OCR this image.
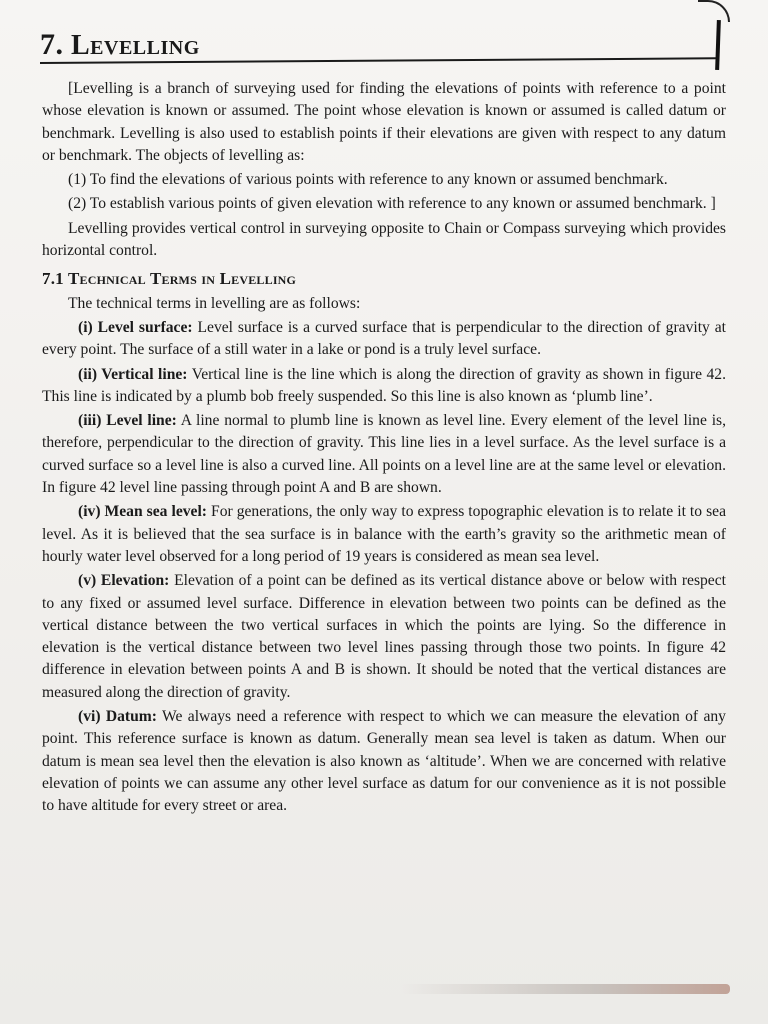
7. Levelling

[Levelling is a branch of surveying used for finding the elevations of points with reference to a point whose elevation is known or assumed. The point whose elevation is known or assumed is called datum or benchmark. Levelling is also used to establish points if their elevations are given with respect to any datum or benchmark. The objects of levelling as:

(1) To find the elevations of various points with reference to any known or assumed benchmark.

(2) To establish various points of given elevation with reference to any known or assumed benchmark. ]

Levelling provides vertical control in surveying opposite to Chain or Compass surveying which provides horizontal control.

7.1 Technical Terms in Levelling

The technical terms in levelling are as follows:

(i) Level surface: Level surface is a curved surface that is perpendicular to the direction of gravity at every point. The surface of a still water in a lake or pond is a truly level surface.

(ii) Vertical line: Vertical line is the line which is along the direction of gravity as shown in figure 42. This line is indicated by a plumb bob freely suspended. So this line is also known as ‘plumb line’.

(iii) Level line: A line normal to plumb line is known as level line. Every element of the level line is, therefore, perpendicular to the direction of gravity. This line lies in a level surface. As the level surface is a curved surface so a level line is also a curved line. All points on a level line are at the same level or elevation. In figure 42 level line passing through point A and B are shown.

(iv) Mean sea level: For generations, the only way to express topographic elevation is to relate it to sea level. As it is believed that the sea surface is in balance with the earth’s gravity so the arithmetic mean of hourly water level observed for a long period of 19 years is considered as mean sea level.

(v) Elevation: Elevation of a point can be defined as its vertical distance above or below with respect to any fixed or assumed level surface. Difference in elevation between two points can be defined as the vertical distance between the two vertical surfaces in which the points are lying. So the difference in elevation is the vertical distance between two level lines passing through those two points. In figure 42 difference in elevation between points A and B is shown. It should be noted that the vertical distances are measured along the direction of gravity.

(vi) Datum: We always need a reference with respect to which we can measure the elevation of any point. This reference surface is known as datum. Generally mean sea level is taken as datum. When our datum is mean sea level then the elevation is also known as ‘altitude’. When we are concerned with relative elevation of points we can assume any other level surface as datum for our convenience as it is not possible to have altitude for every street or area.
